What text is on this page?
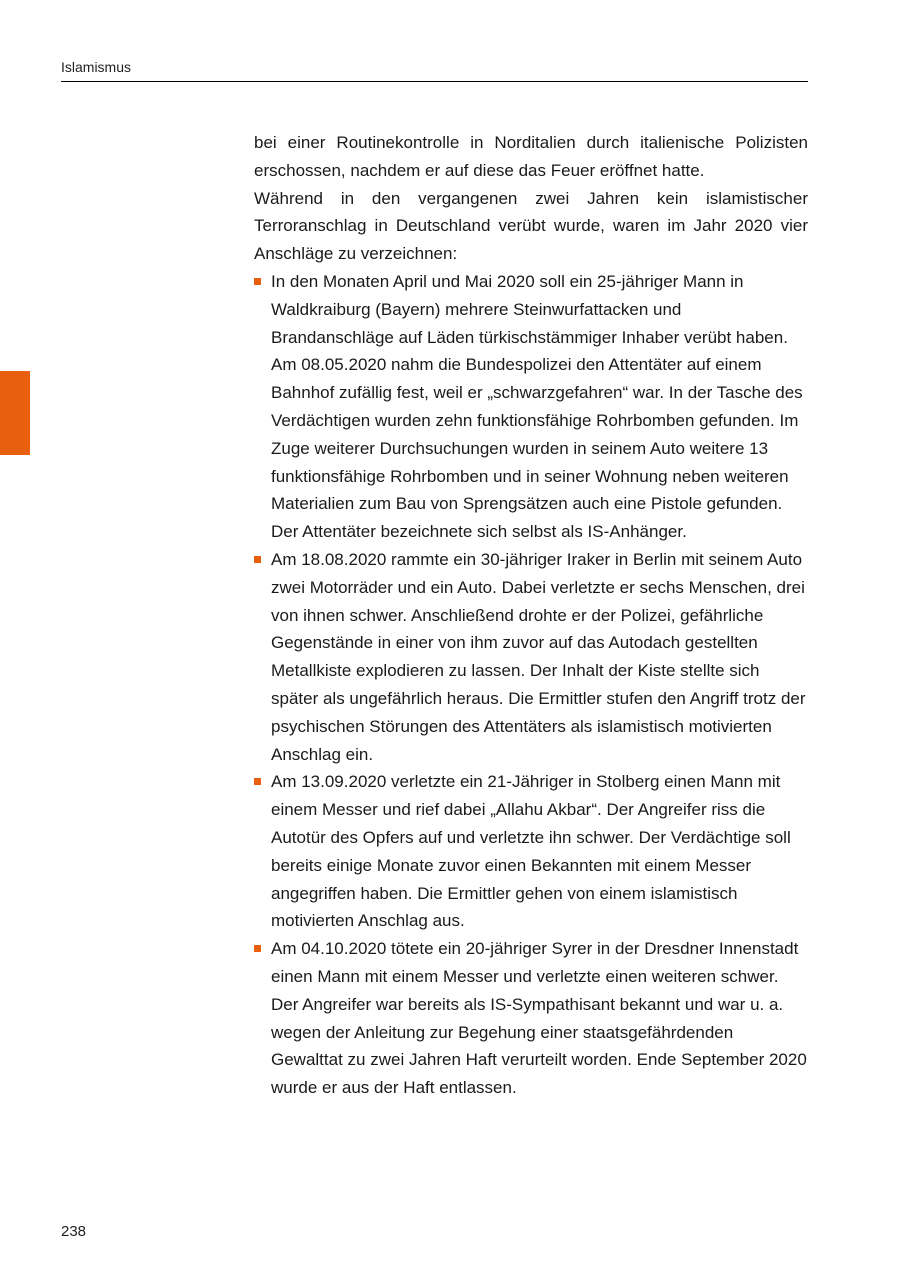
Islamismus

bei einer Routinekontrolle in Norditalien durch italienische Polizisten erschossen, nachdem er auf diese das Feuer eröffnet hatte.

Während in den vergangenen zwei Jahren kein islamistischer Terroranschlag in Deutschland verübt wurde, waren im Jahr 2020 vier Anschläge zu verzeichnen:

In den Monaten April und Mai 2020 soll ein 25-jähriger Mann in Waldkraiburg (Bayern) mehrere Steinwurfattacken und Brandanschläge auf Läden türkischstämmiger Inhaber verübt haben. Am 08.05.2020 nahm die Bundespolizei den Attentäter auf einem Bahnhof zufällig fest, weil er „schwarzgefahren“ war. In der Tasche des Verdächtigen wurden zehn funktionsfähige Rohrbomben gefunden. Im Zuge weiterer Durchsuchungen wurden in seinem Auto weitere 13 funktionsfähige Rohrbomben und in seiner Wohnung neben weiteren Materialien zum Bau von Sprengsätzen auch eine Pistole gefunden. Der Attentäter bezeichnete sich selbst als IS-Anhänger.
Am 18.08.2020 rammte ein 30-jähriger Iraker in Berlin mit seinem Auto zwei Motorräder und ein Auto. Dabei verletzte er sechs Menschen, drei von ihnen schwer. Anschließend drohte er der Polizei, gefährliche Gegenstände in einer von ihm zuvor auf das Autodach gestellten Metallkiste explodieren zu lassen. Der Inhalt der Kiste stellte sich später als ungefährlich heraus. Die Ermittler stufen den Angriff trotz der psychischen Störungen des Attentäters als islamistisch motivierten Anschlag ein.
Am 13.09.2020 verletzte ein 21-Jähriger in Stolberg einen Mann mit einem Messer und rief dabei „Allahu Akbar“. Der Angreifer riss die Autotür des Opfers auf und verletzte ihn schwer. Der Verdächtige soll bereits einige Monate zuvor einen Bekannten mit einem Messer angegriffen haben. Die Ermittler gehen von einem islamistisch motivierten Anschlag aus.
Am 04.10.2020 tötete ein 20-jähriger Syrer in der Dresdner Innenstadt einen Mann mit einem Messer und verletzte einen weiteren schwer. Der Angreifer war bereits als IS-Sympathisant bekannt und war u. a. wegen der Anleitung zur Begehung einer staatsgefährdenden Gewalttat zu zwei Jahren Haft verurteilt worden. Ende September 2020 wurde er aus der Haft entlassen.
238
